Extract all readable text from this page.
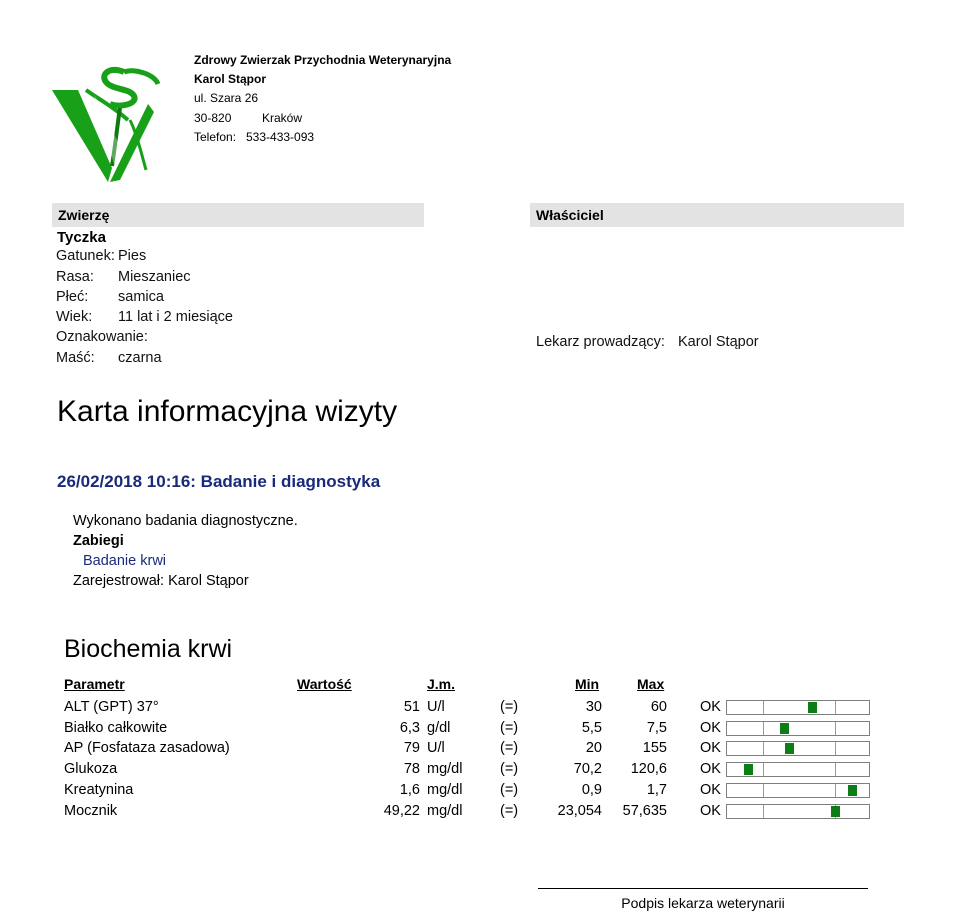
Zdrowy Zwierzak Przychodnia Weterynaryjna
Karol Stąpor
ul. Szara 26
30-820	Kraków
Telefon: 533-433-093
Zwierzę	Właściciel
Tyczka
Gatunek: Pies
Rasa: Mieszaniec
Płeć: samica
Wiek: 11 lat i 2 miesiące
Oznakowanie:
Maść: czarna
Lekarz prowadzący: Karol Stąpor
Karta informacyjna wizyty
26/02/2018 10:16: Badanie i diagnostyka
Wykonano badania diagnostyczne.
Zabiegi
Badanie krwi
Zarejestrował: Karol Stąpor
Biochemia krwi
Parametr	Wartość	J.m.	Min	Max
ALT (GPT) 37°	51 U/l	(=)	30	60 OK
Białko całkowite	6,3 g/dl	(=)	5,5	7,5 OK
AP (Fosfataza zasadowa)	79 U/l	(=)	20	155 OK
Glukoza	78 mg/dl	(=)	70,2	120,6 OK
Kreatynina	1,6 mg/dl	(=)	0,9	1,7 OK
Mocznik	49,22 mg/dl	(=)	23,054	57,635 OK
Podpis lekarza weterynarii
